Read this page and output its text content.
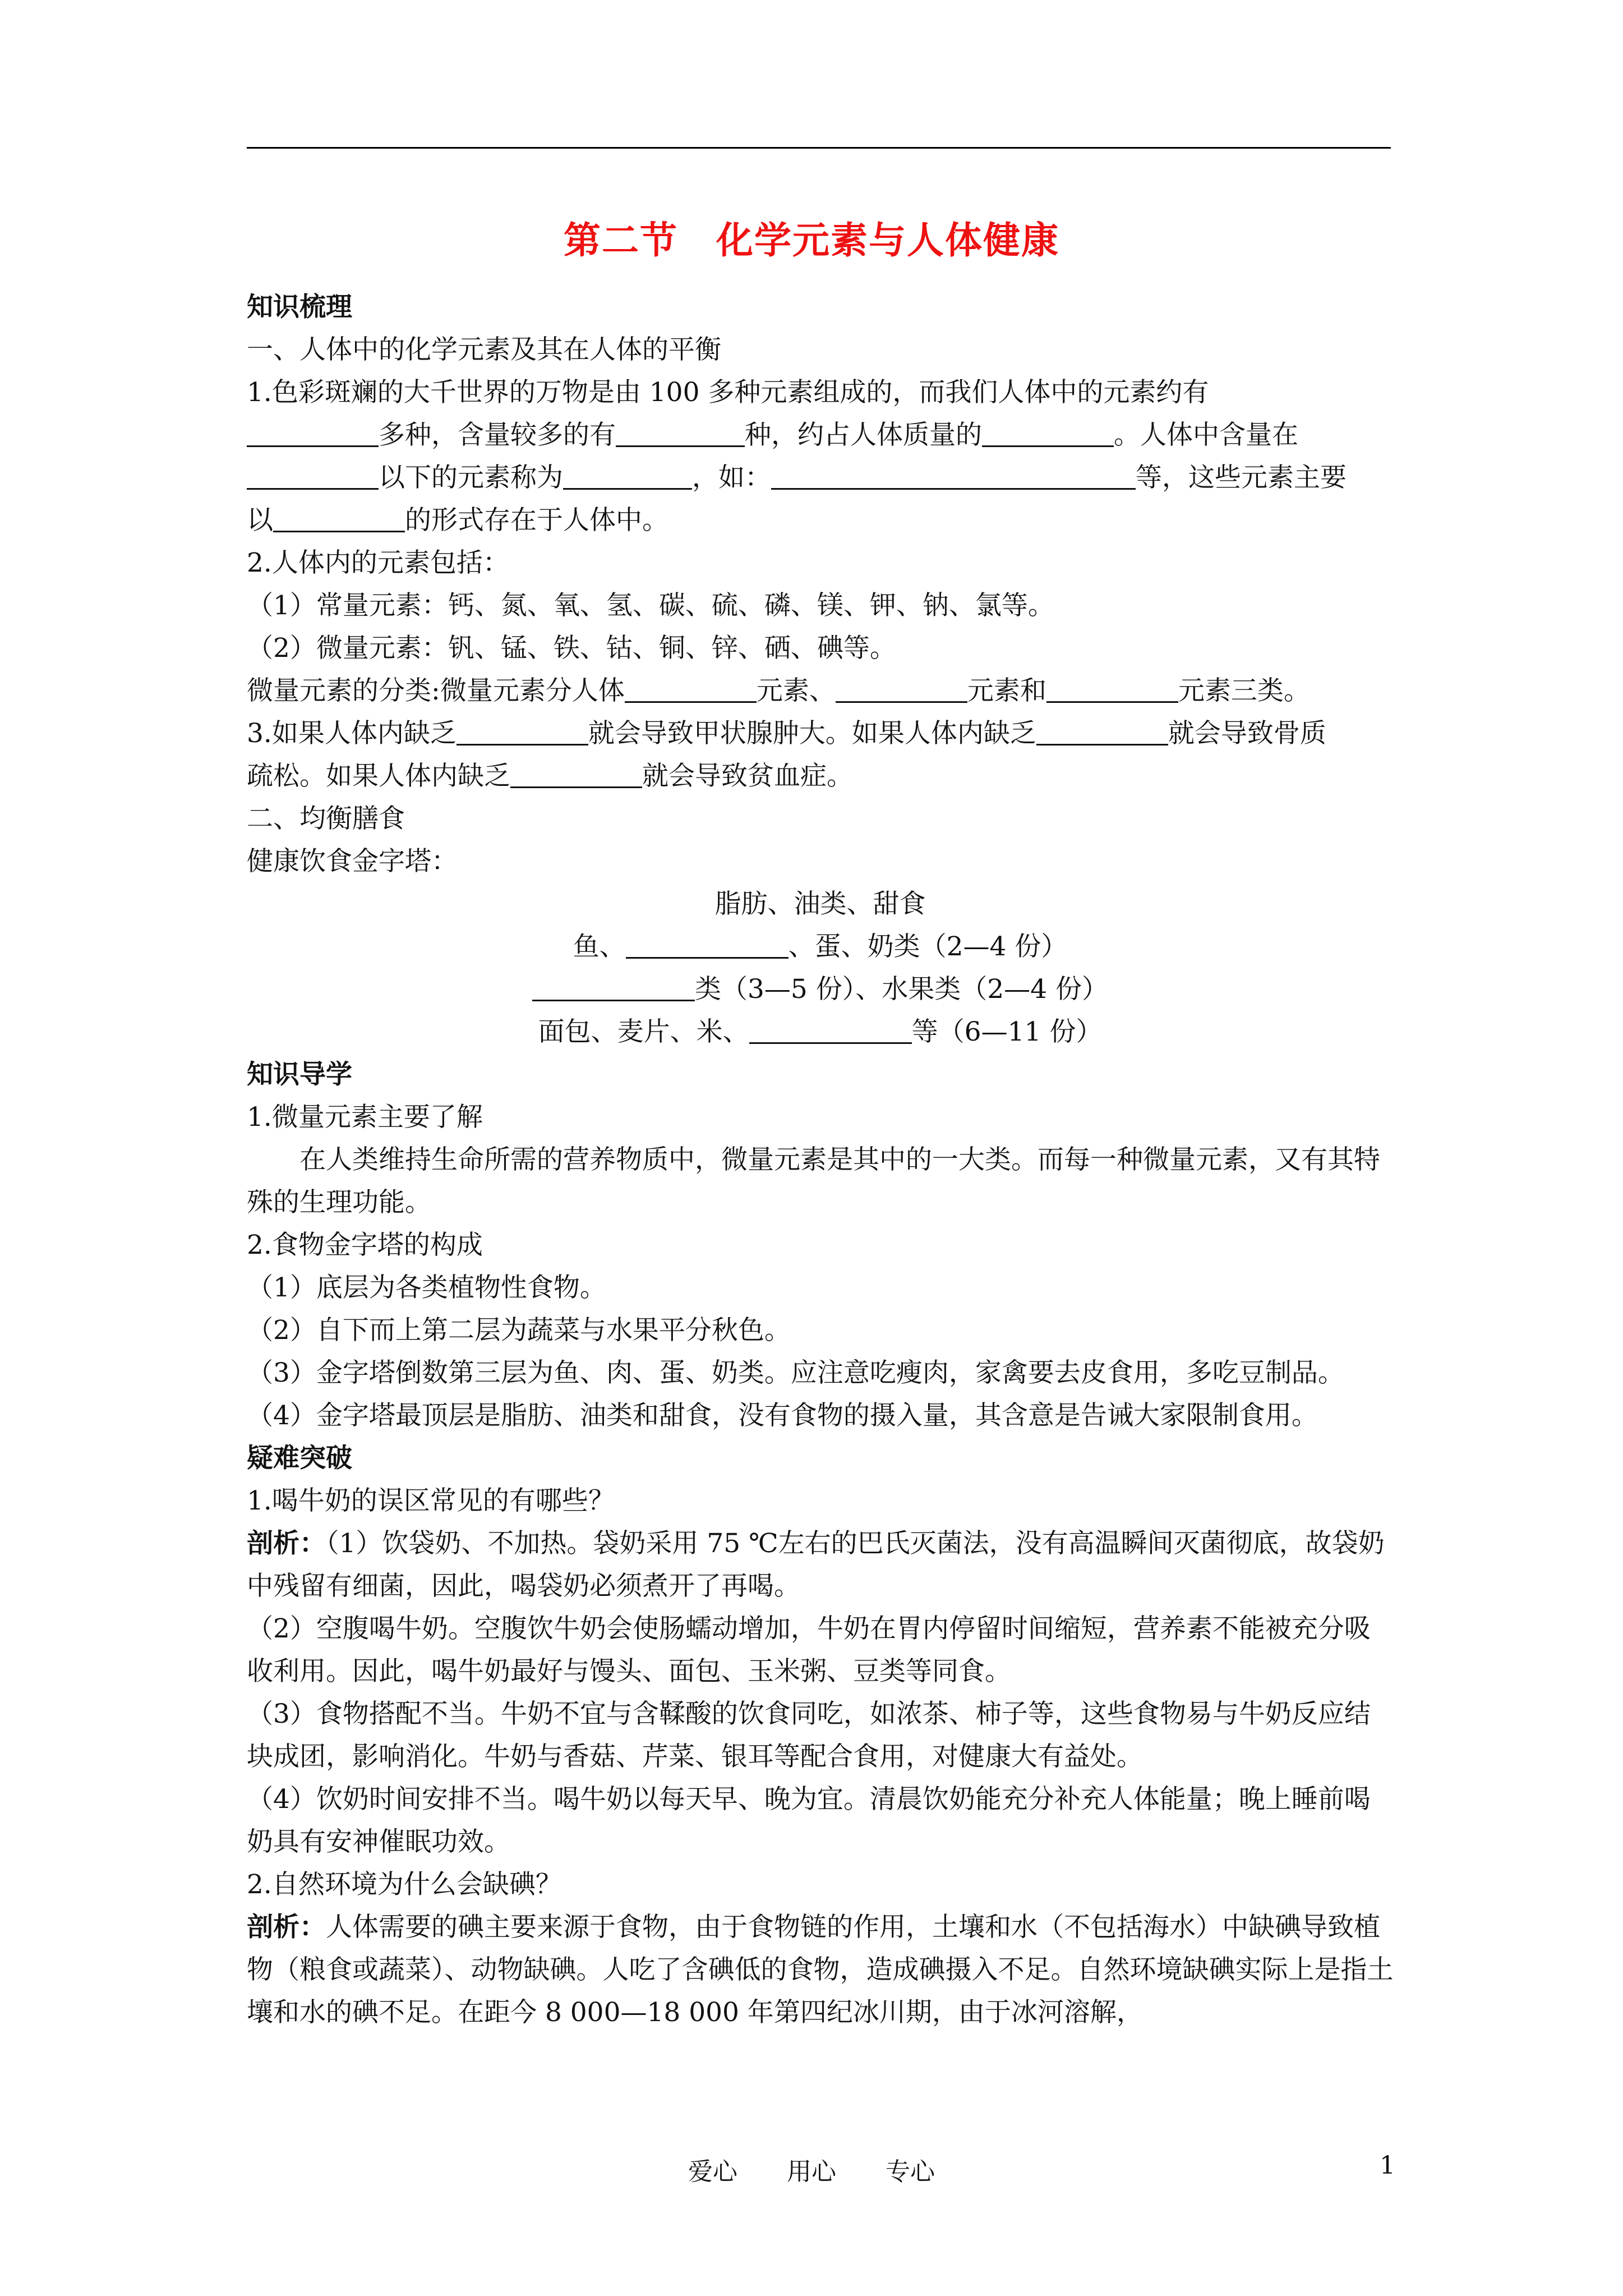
第二节　化学元素与人体健康

知识梳理

一、人体中的化学元素及其在人体的平衡

1.色彩斑斓的大千世界的万物是由 100 多种元素组成的，而我们人体中的元素约有

多种，含量较多的有	种，约占人体质量的	。人体中含量在

以下的元素称为	，如：	等，这些元素主要

以	的形式存在于人体中。

2.人体内的元素包括：

（1）常量元素：钙、氮、氧、氢、碳、硫、磷、镁、钾、钠、氯等。

（2）微量元素：钒、锰、铁、钴、铜、锌、硒、碘等。

微量元素的分类:微量元素分人体	元素、	元素和	元素三类。

3.如果人体内缺乏	就会导致甲状腺肿大。如果人体内缺乏	就会导致骨质

疏松。如果人体内缺乏	就会导致贫血症。

二、均衡膳食

健康饮食金字塔：

脂肪、油类、甜食

鱼、	、蛋、奶类（2—4 份）

类（3—5 份）、水果类（2—4 份）

面包、麦片、米、	等（6—11 份）

知识导学

1.微量元素主要了解

在人类维持生命所需的营养物质中，微量元素是其中的一大类。而每一种微量元素，又有其特殊的生理功能。

2.食物金字塔的构成

（1）底层为各类植物性食物。

（2）自下而上第二层为蔬菜与水果平分秋色。

（3）金字塔倒数第三层为鱼、肉、蛋、奶类。应注意吃瘦肉，家禽要去皮食用，多吃豆制品。

（4）金字塔最顶层是脂肪、油类和甜食，没有食物的摄入量，其含意是告诫大家限制食用。

疑难突破

1.喝牛奶的误区常见的有哪些？

剖析：（1）饮袋奶、不加热。袋奶采用 75 ℃左右的巴氏灭菌法，没有高温瞬间灭菌彻底，故袋奶中残留有细菌，因此，喝袋奶必须煮开了再喝。

（2）空腹喝牛奶。空腹饮牛奶会使肠蠕动增加，牛奶在胃内停留时间缩短，营养素不能被充分吸收利用。因此，喝牛奶最好与馒头、面包、玉米粥、豆类等同食。

（3）食物搭配不当。牛奶不宜与含鞣酸的饮食同吃，如浓茶、柿子等，这些食物易与牛奶反应结块成团，影响消化。牛奶与香菇、芹菜、银耳等配合食用，对健康大有益处。

（4）饮奶时间安排不当。喝牛奶以每天早、晚为宜。清晨饮奶能充分补充人体能量；晚上睡前喝奶具有安神催眠功效。

2.自然环境为什么会缺碘？

剖析：人体需要的碘主要来源于食物，由于食物链的作用，土壤和水（不包括海水）中缺碘导致植物（粮食或蔬菜）、动物缺碘。人吃了含碘低的食物，造成碘摄入不足。自然环境缺碘实际上是指土壤和水的碘不足。在距今 8 000—18 000 年第四纪冰川期，由于冰河溶解，

爱心　　用心　　专心	1
